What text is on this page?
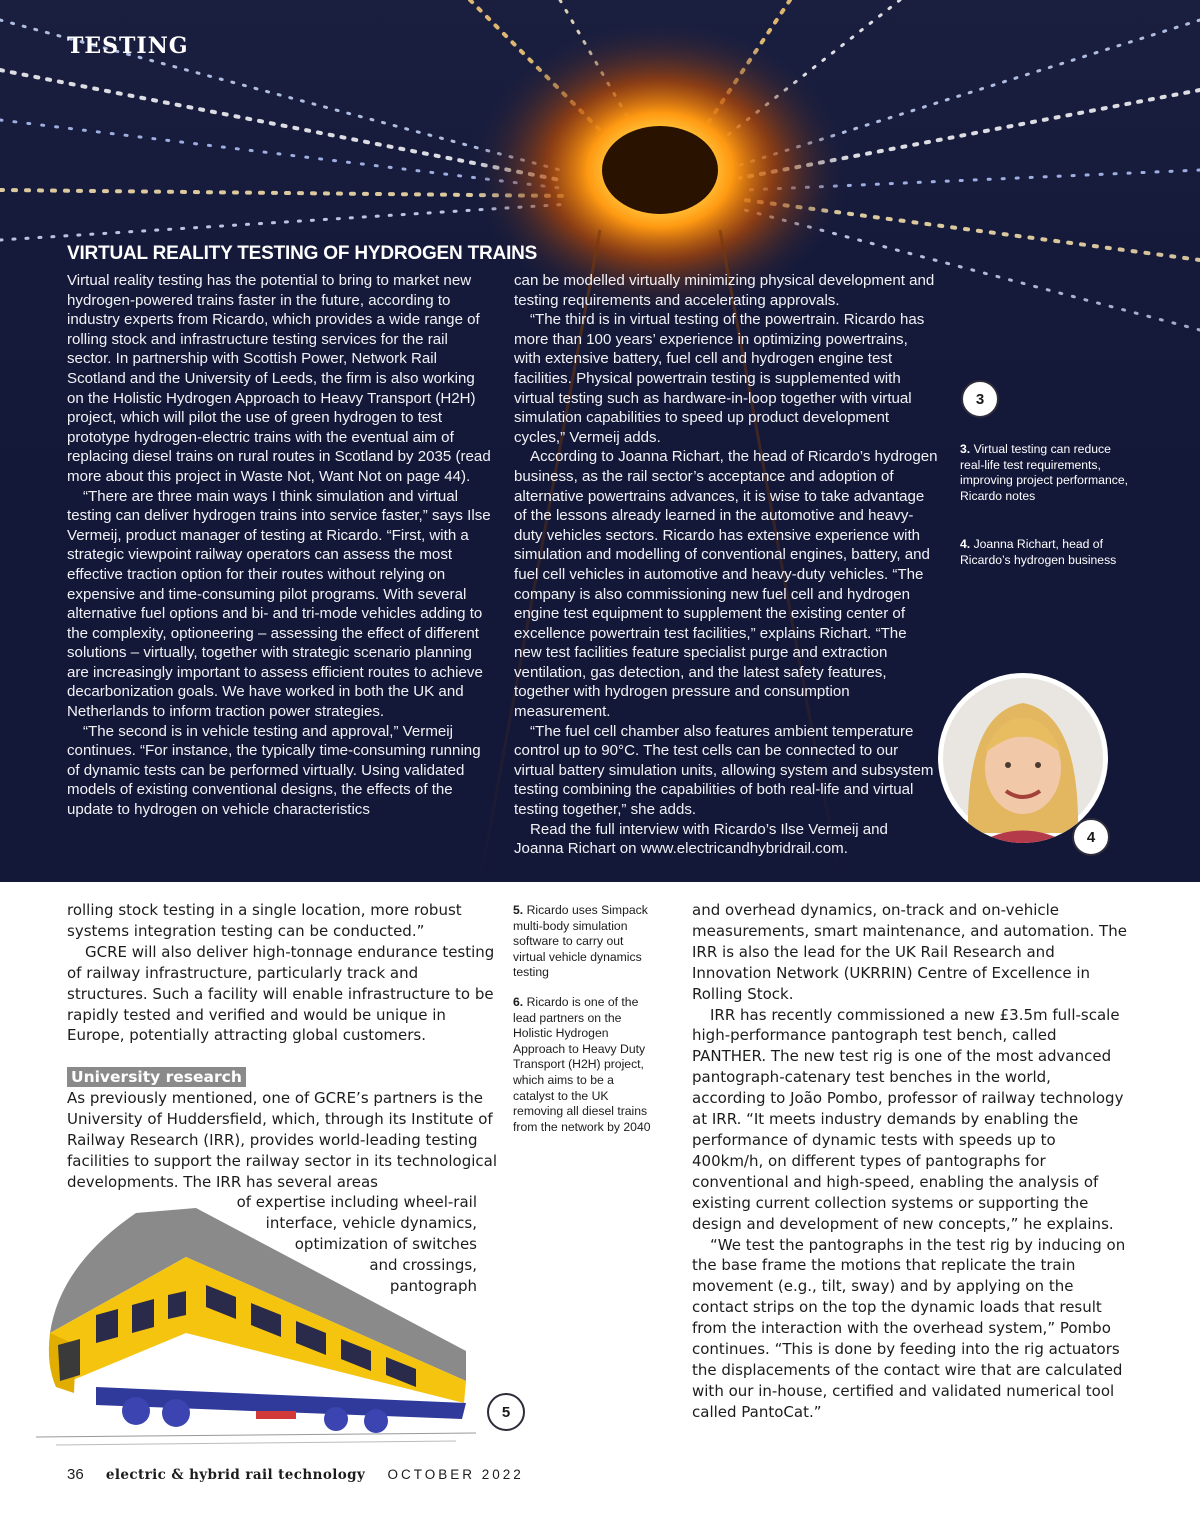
TESTING
VIRTUAL REALITY TESTING OF HYDROGEN TRAINS

Virtual reality testing has the potential to bring to market new hydrogen-powered trains faster in the future, according to industry experts from Ricardo, which provides a wide range of rolling stock and infrastructure testing services for the rail sector. In partnership with Scottish Power, Network Rail Scotland and the University of Leeds, the firm is also working on the Holistic Hydrogen Approach to Heavy Transport (H2H) project, which will pilot the use of green hydrogen to test prototype hydrogen-electric trains with the eventual aim of replacing diesel trains on rural routes in Scotland by 2035 (read more about this project in Waste Not, Want Not on page 44).

“There are three main ways I think simulation and virtual testing can deliver hydrogen trains into service faster,” says Ilse Vermeij, product manager of testing at Ricardo. “First, with a strategic viewpoint railway operators can assess the most effective traction option for their routes without relying on expensive and time-consuming pilot programs. With several alternative fuel options and bi- and tri-mode vehicles adding to the complexity, optioneering – assessing the effect of different solutions – virtually, together with strategic scenario planning are increasingly important to assess efficient routes to achieve decarbonization goals. We have worked in both the UK and Netherlands to inform traction power strategies.

“The second is in vehicle testing and approval,” Vermeij continues. “For instance, the typically time-consuming running of dynamic tests can be performed virtually. Using validated models of existing conventional designs, the effects of the update to hydrogen on vehicle characteristics

can be modelled virtually minimizing physical development and testing requirements and accelerating approvals.

“The third is in virtual testing of the powertrain. Ricardo has more than 100 years’ experience in optimizing powertrains, with extensive battery, fuel cell and hydrogen engine test facilities. Physical powertrain testing is supplemented with virtual testing such as hardware-in-loop together with virtual simulation capabilities to speed up product development cycles,” Vermeij adds.

According to Joanna Richart, the head of Ricardo’s hydrogen business, as the rail sector’s acceptance and adoption of alternative powertrains advances, it is wise to take advantage of the lessons already learned in the automotive and heavy-duty vehicles sectors. Ricardo has extensive experience with simulation and modelling of conventional engines, battery, and fuel cell vehicles in automotive and heavy-duty vehicles. “The company is also commissioning new fuel cell and hydrogen engine test equipment to supplement the existing center of excellence powertrain test facilities,” explains Richart. “The new test facilities feature specialist purge and extraction ventilation, gas detection, and the latest safety features, together with hydrogen pressure and consumption measurement.

“The fuel cell chamber also features ambient temperature control up to 90°C. The test cells can be connected to our virtual battery simulation units, allowing system and subsystem testing combining the capabilities of both real-life and virtual testing together,” she adds.

Read the full interview with Ricardo’s Ilse Vermeij and Joanna Richart on www.electricandhybridrail.com.

3
3. Virtual testing can reduce real-life test requirements, improving project performance, Ricardo notes
4. Joanna Richart, head of Ricardo’s hydrogen business
4

rolling stock testing in a single location, more robust systems integration testing can be conducted.”

GCRE will also deliver high-tonnage endurance testing of railway infrastructure, particularly track and structures. Such a facility will enable infrastructure to be rapidly tested and verified and would be unique in Europe, potentially attracting global customers.

University research

As previously mentioned, one of GCRE’s partners is the University of Huddersfield, which, through its Institute of Railway Research (IRR), provides world-leading testing facilities to support the railway sector in its technological developments. The IRR has several areas

of expertise including wheel-rail
interface, vehicle dynamics,
optimization of switches
and crossings,
pantograph
5

5. Ricardo uses Simpack multi-body simulation software to carry out virtual vehicle dynamics testing

6. Ricardo is one of the lead partners on the Holistic Hydrogen Approach to Heavy Duty Transport (H2H) project, which aims to be a catalyst to the UK removing all diesel trains from the network by 2040

and overhead dynamics, on-track and on-vehicle measurements, smart maintenance, and automation. The IRR is also the lead for the UK Rail Research and Innovation Network (UKRRIN) Centre of Excellence in Rolling Stock.

IRR has recently commissioned a new £3.5m full-scale high-performance pantograph test bench, called PANTHER. The new test rig is one of the most advanced pantograph-catenary test benches in the world, according to João Pombo, professor of railway technology at IRR. “It meets industry demands by enabling the performance of dynamic tests with speeds up to 400km/h, on different types of pantographs for conventional and high-speed, enabling the analysis of existing current collection systems or supporting the design and development of new concepts,” he explains.

“We test the pantographs in the test rig by inducing on the base frame the motions that replicate the train movement (e.g., tilt, sway) and by applying on the contact strips on the top the dynamic loads that result from the interaction with the overhead system,” Pombo continues. “This is done by feeding into the rig actuators the displacements of the contact wire that are calculated with our in-house, certified and validated numerical tool called PantoCat.”

36 electric & hybrid rail technology OCTOBER 2022
